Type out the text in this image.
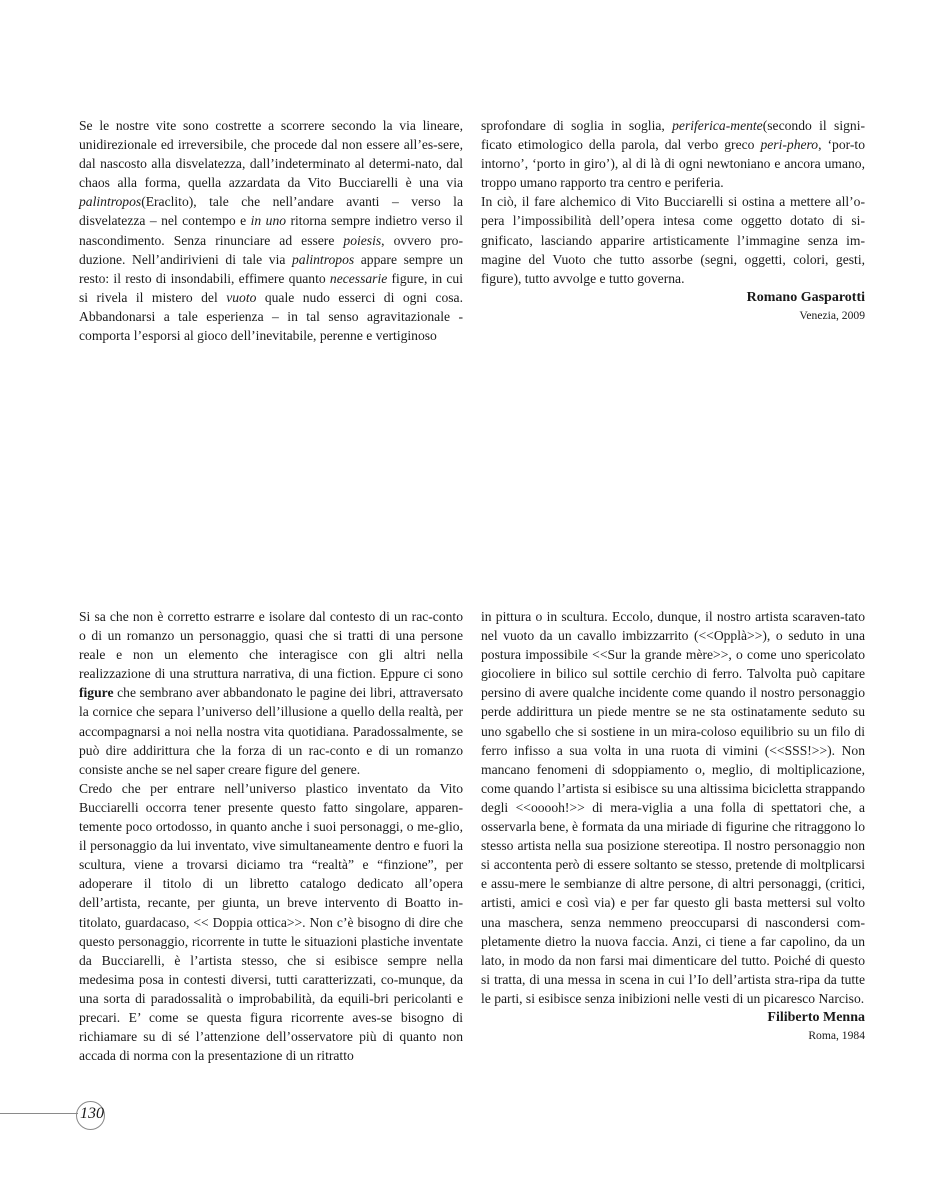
Se le nostre vite sono costrette a scorrere secondo la via lineare, unidirezionale ed irreversibile, che procede dal non essere all’es-sere, dal nascosto alla disvelatezza, dall’indeterminato al determi-nato, dal chaos alla forma, quella azzardata da Vito Bucciarelli è una via palintropos(Eraclito), tale che nell’andare avanti – verso la disvelatezza – nel contempo e in uno ritorna sempre indietro verso il nascondimento. Senza rinunciare ad essere poiesis, ovvero pro-duzione. Nell’andirivieni di tale via palintropos appare sempre un resto: il resto di insondabili, effimere quanto necessarie figure, in cui si rivela il mistero del vuoto quale nudo esserci di ogni cosa. Abbandonarsi a tale esperienza – in tal senso agravitazionale - comporta l’esporsi al gioco dell’inevitabile, perenne e vertiginoso

sprofondare di soglia in soglia, periferica-mente(secondo il signi-ficato etimologico della parola, dal verbo greco peri-phero, ‘por-to intorno’, ‘porto in giro’), al di là di ogni newtoniano e ancora umano, troppo umano rapporto tra centro e periferia.

In ciò, il fare alchemico di Vito Bucciarelli si ostina a mettere all’o-pera l’impossibilità dell’opera intesa come oggetto dotato di si-gnificato, lasciando apparire artisticamente l’immagine senza im-magine del Vuoto che tutto assorbe (segni, oggetti, colori, gesti, figure), tutto avvolge e tutto governa.

Romano Gasparotti
Venezia, 2009

Si sa che non è corretto estrarre e isolare dal contesto di un rac-conto o di un romanzo un personaggio, quasi che si tratti di una persone reale e non un elemento che interagisce con gli altri nella realizzazione di una struttura narrativa, di una fiction. Eppure ci sono figure che sembrano aver abbandonato le pagine dei libri, attraversato la cornice che separa l’universo dell’illusione a quello della realtà, per accompagnarsi a noi nella nostra vita quotidiana. Paradossalmente, se può dire addirittura che la forza di un rac-conto e di un romanzo consiste anche se nel saper creare figure del genere.

Credo che per entrare nell’universo plastico inventato da Vito Bucciarelli occorra tener presente questo fatto singolare, apparen-temente poco ortodosso, in quanto anche i suoi personaggi, o me-glio, il personaggio da lui inventato, vive simultaneamente dentro e fuori la scultura, viene a trovarsi diciamo tra “realtà” e “finzione”, per adoperare il titolo di un libretto catalogo dedicato all’opera dell’artista, recante, per giunta, un breve intervento di Boatto in-titolato, guardacaso, << Doppia ottica>>. Non c’è bisogno di dire che questo personaggio, ricorrente in tutte le situazioni plastiche inventate da Bucciarelli, è l’artista stesso, che si esibisce sempre nella medesima posa in contesti diversi, tutti caratterizzati, co-munque, da una sorta di paradossalità o improbabilità, da equili-bri pericolanti e precari. E’ come se questa figura ricorrente aves-se bisogno di richiamare su di sé l’attenzione dell’osservatore più di quanto non accada di norma con la presentazione di un ritratto

in pittura o in scultura. Eccolo, dunque, il nostro artista scaraven-tato nel vuoto da un cavallo imbizzarrito (<<Opplà>>), o seduto in una postura impossibile <<Sur la grande mère>>, o come uno spericolato giocoliere in bilico sul sottile cerchio di ferro. Talvolta può capitare persino di avere qualche incidente come quando il nostro personaggio perde addirittura un piede mentre se ne sta ostinatamente seduto su uno sgabello che si sostiene in un mira-coloso equilibrio su un filo di ferro infisso a sua volta in una ruota di vimini (<<SSS!>>). Non mancano fenomeni di sdoppiamento o, meglio, di moltiplicazione, come quando l’artista si esibisce su una altissima bicicletta strappando degli <<ooooh!>> di mera-viglia a una folla di spettatori che, a osservarla bene, è formata da una miriade di figurine che ritraggono lo stesso artista nella sua posizione stereotipa. Il nostro personaggio non si accontenta però di essere soltanto se stesso, pretende di moltplicarsi e assu-mere le sembianze di altre persone, di altri personaggi, (critici, artisti, amici e così via) e per far questo gli basta mettersi sul volto una maschera, senza nemmeno preoccuparsi di nascondersi com-pletamente dietro la nuova faccia. Anzi, ci tiene a far capolino, da un lato, in modo da non farsi mai dimenticare del tutto. Poiché di questo si tratta, di una messa in scena in cui l’Io dell’artista stra-ripa da tutte le parti, si esibisce senza inibizioni nelle vesti di un picaresco Narciso.

Filiberto Menna
Roma, 1984
130
